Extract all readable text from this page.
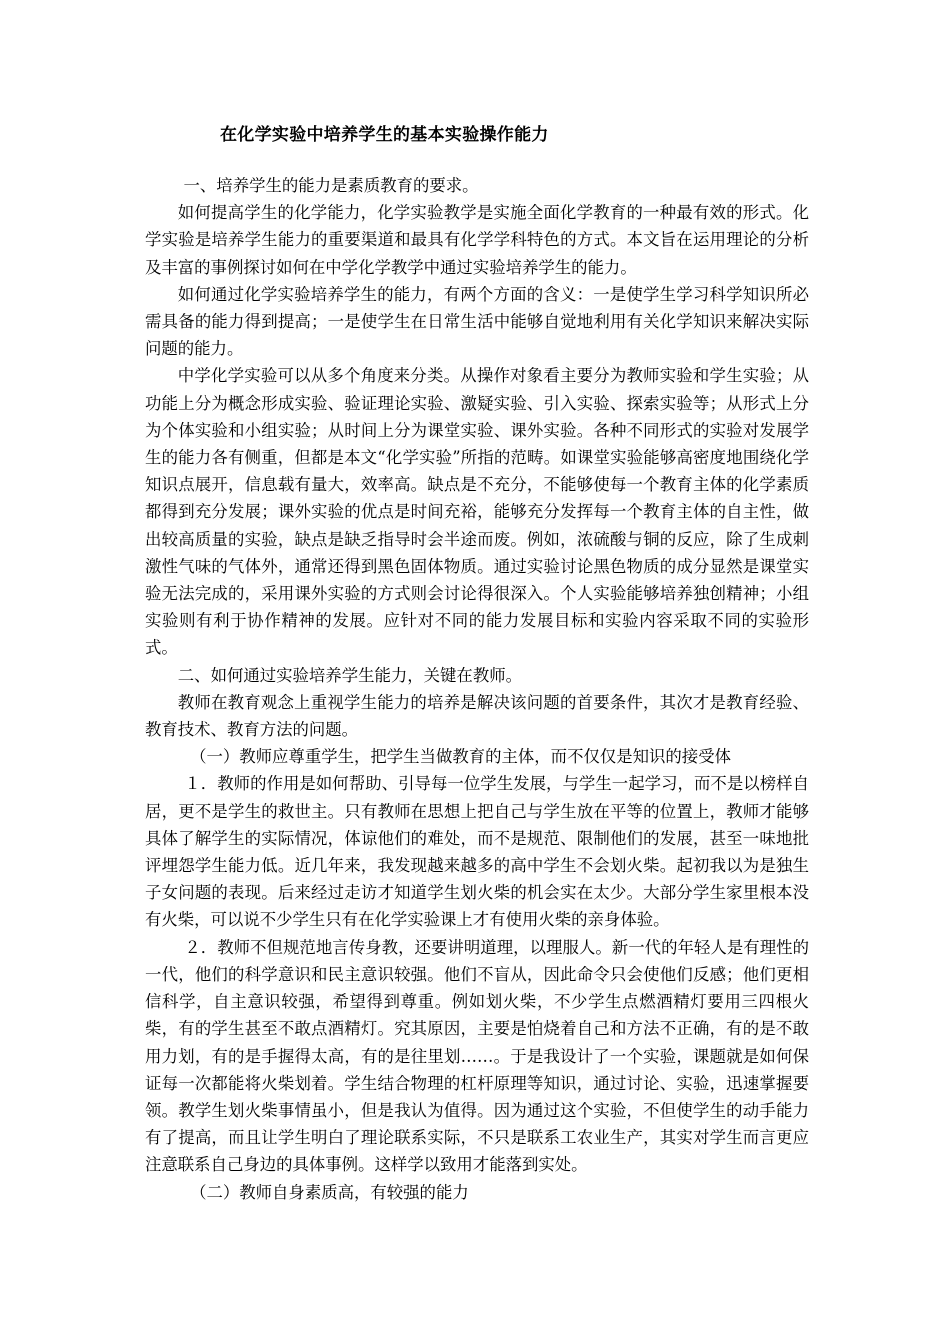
在化学实验中培养学生的基本实验操作能力

一、培养学生的能力是素质教育的要求。

如何提高学生的化学能力，化学实验教学是实施全面化学教育的一种最有效的形式。化学实验是培养学生能力的重要渠道和最具有化学学科特色的方式。本文旨在运用理论的分析及丰富的事例探讨如何在中学化学教学中通过实验培养学生的能力。

如何通过化学实验培养学生的能力，有两个方面的含义：一是使学生学习科学知识所必需具备的能力得到提高；一是使学生在日常生活中能够自觉地利用有关化学知识来解决实际问题的能力。

中学化学实验可以从多个角度来分类。从操作对象看主要分为教师实验和学生实验；从功能上分为概念形成实验、验证理论实验、激疑实验、引入实验、探索实验等；从形式上分为个体实验和小组实验；从时间上分为课堂实验、课外实验。各种不同形式的实验对发展学生的能力各有侧重，但都是本文“化学实验”所指的范畴。如课堂实验能够高密度地围绕化学知识点展开，信息载有量大，效率高。缺点是不充分，不能够使每一个教育主体的化学素质都得到充分发展；课外实验的优点是时间充裕，能够充分发挥每一个教育主体的自主性，做出较高质量的实验，缺点是缺乏指导时会半途而废。例如，浓硫酸与铜的反应，除了生成刺激性气味的气体外，通常还得到黑色固体物质。通过实验讨论黑色物质的成分显然是课堂实验无法完成的，采用课外实验的方式则会讨论得很深入。个人实验能够培养独创精神；小组实验则有利于协作精神的发展。应针对不同的能力发展目标和实验内容采取不同的实验形式。

二、如何通过实验培养学生能力，关键在教师。

教师在教育观念上重视学生能力的培养是解决该问题的首要条件，其次才是教育经验、教育技术、教育方法的问题。

（一）教师应尊重学生，把学生当做教育的主体，而不仅仅是知识的接受体

１．教师的作用是如何帮助、引导每一位学生发展，与学生一起学习，而不是以榜样自居，更不是学生的救世主。只有教师在思想上把自己与学生放在平等的位置上，教师才能够具体了解学生的实际情况，体谅他们的难处，而不是规范、限制他们的发展，甚至一味地批评埋怨学生能力低。近几年来，我发现越来越多的高中学生不会划火柴。起初我以为是独生子女问题的表现。后来经过走访才知道学生划火柴的机会实在太少。大部分学生家里根本没有火柴，可以说不少学生只有在化学实验课上才有使用火柴的亲身体验。

２．教师不但规范地言传身教，还要讲明道理，以理服人。新一代的年轻人是有理性的一代，他们的科学意识和民主意识较强。他们不盲从，因此命令只会使他们反感；他们更相信科学，自主意识较强，希望得到尊重。例如划火柴，不少学生点燃酒精灯要用三四根火柴，有的学生甚至不敢点酒精灯。究其原因，主要是怕烧着自己和方法不正确，有的是不敢用力划，有的是手握得太高，有的是往里划……。于是我设计了一个实验，课题就是如何保证每一次都能将火柴划着。学生结合物理的杠杆原理等知识，通过讨论、实验，迅速掌握要领。教学生划火柴事情虽小，但是我认为值得。因为通过这个实验，不但使学生的动手能力有了提高，而且让学生明白了理论联系实际，不只是联系工农业生产，其实对学生而言更应注意联系自己身边的具体事例。这样学以致用才能落到实处。

（二）教师自身素质高，有较强的能力
